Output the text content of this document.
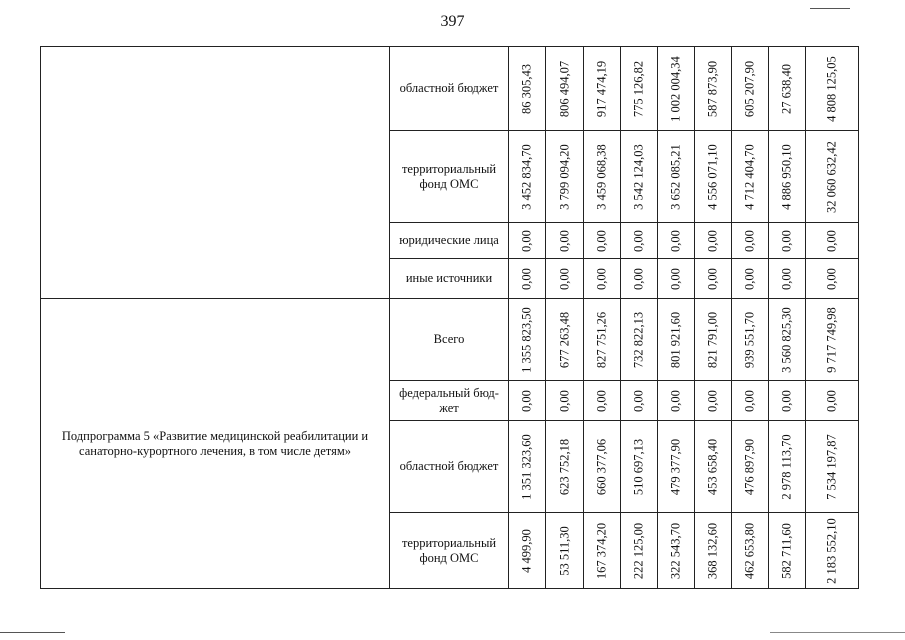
397
	областной бюджет	86 305,43	806 494,07	917 474,19	775 126,82	1 002 004,34	587 873,90	605 207,90	27 638,40	4 808 125,05

	территориальный фонд ОМС	3 452 834,70	3 799 094,20	3 459 068,38	3 542 124,03	3 652 085,21	4 556 071,10	4 712 404,70	4 886 950,10	32 060 632,42

	юридические лица	0,00	0,00	0,00	0,00	0,00	0,00	0,00	0,00	0,00

	иные источники	0,00	0,00	0,00	0,00	0,00	0,00	0,00	0,00	0,00

Подпрограмма 5 «Развитие медицинской реабилитации и санаторно-курортного лечения, в том числе детям»	Всего	1 355 823,50	677 263,48	827 751,26	732 822,13	801 921,60	821 791,00	939 551,70	3 560 825,30	9 717 749,98

	федеральный бюд-жет	0,00	0,00	0,00	0,00	0,00	0,00	0,00	0,00	0,00

	областной бюджет	1 351 323,60	623 752,18	660 377,06	510 697,13	479 377,90	453 658,40	476 897,90	2 978 113,70	7 534 197,87

	территориальный фонд ОМС	4 499,90	53 511,30	167 374,20	222 125,00	322 543,70	368 132,60	462 653,80	582 711,60	2 183 552,10
